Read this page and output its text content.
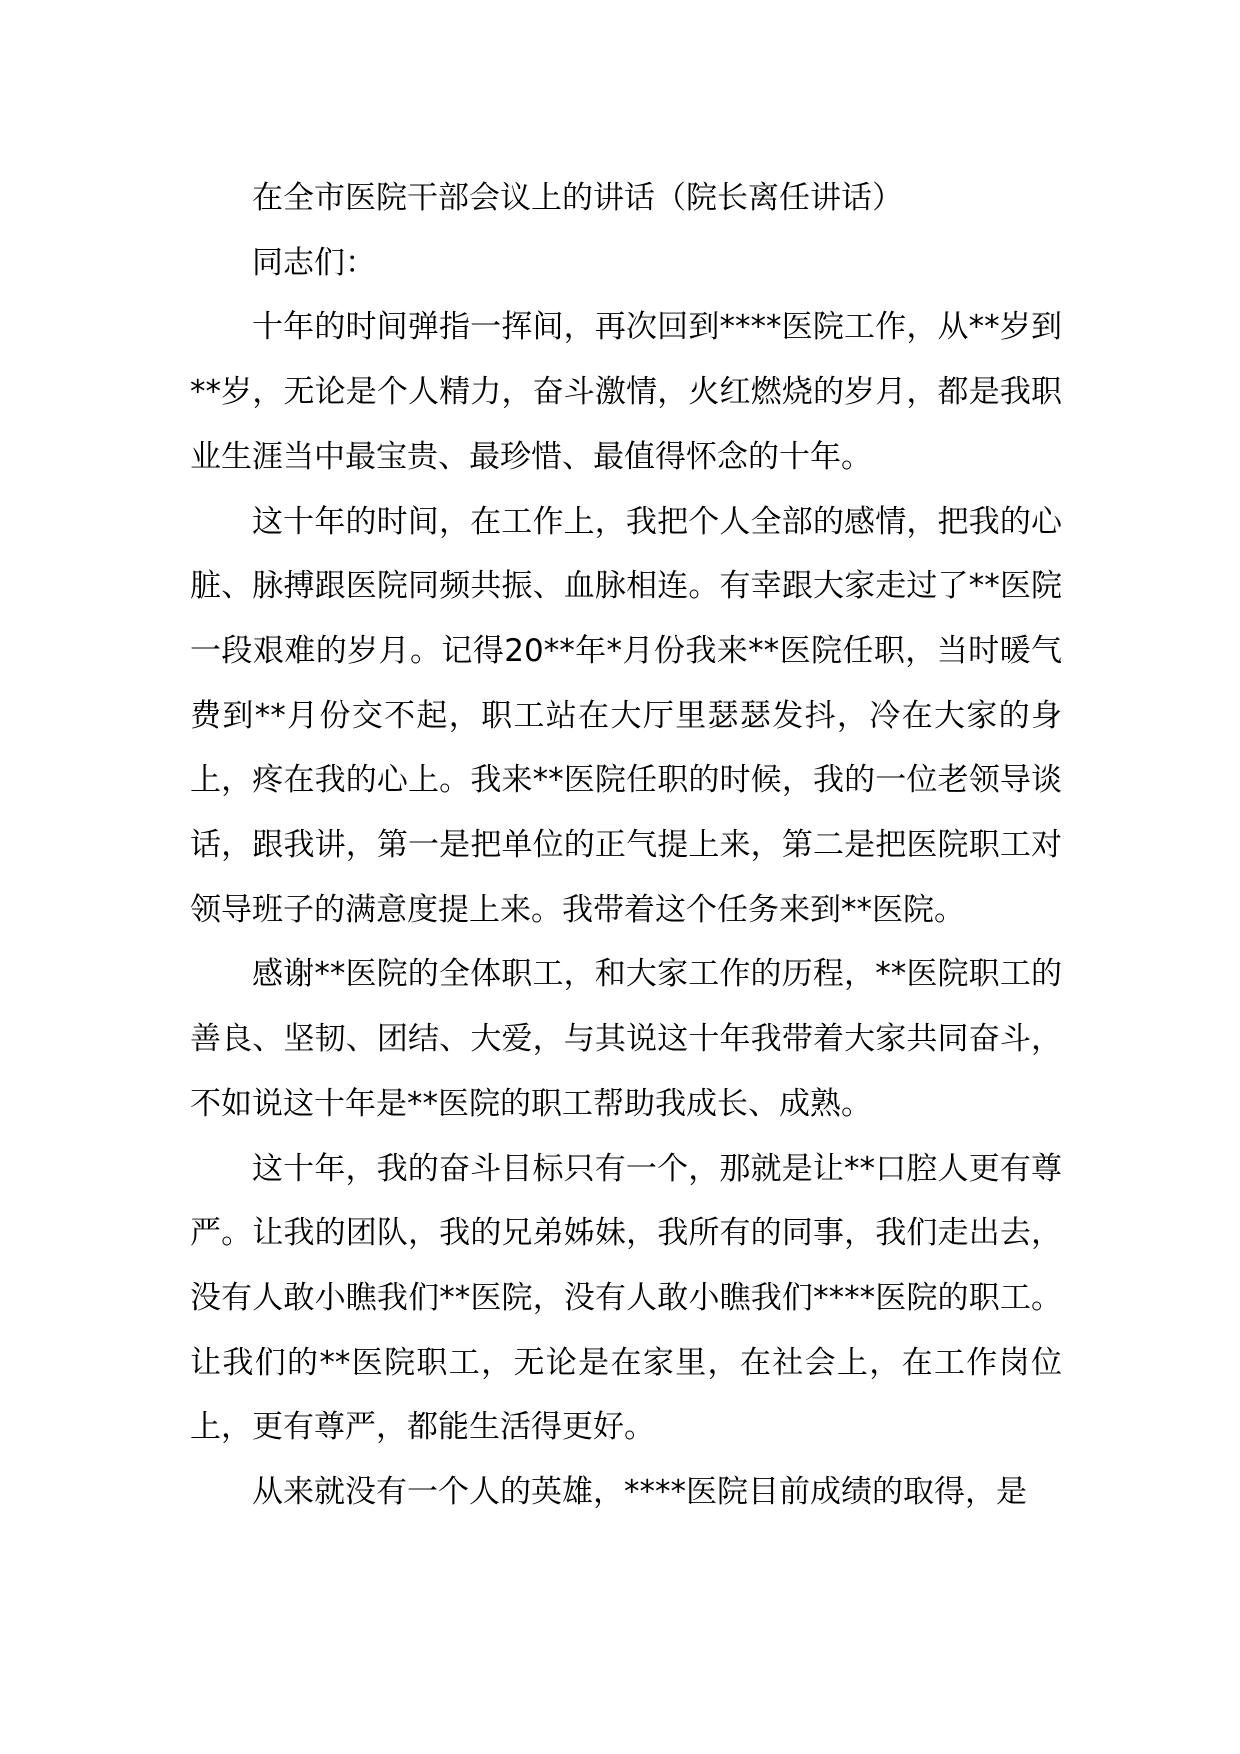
在全市医院干部会议上的讲话（院长离任讲话）

同志们：

十年的时间弹指一挥间，再次回到****医院工作，从**岁到**岁，无论是个人精力，奋斗激情，火红燃烧的岁月，都是我职业生涯当中最宝贵、最珍惜、最值得怀念的十年。

这十年的时间，在工作上，我把个人全部的感情，把我的心脏、脉搏跟医院同频共振、血脉相连。有幸跟大家走过了**医院一段艰难的岁月。记得20**年*月份我来**医院任职，当时暖气费到**月份交不起，职工站在大厅里瑟瑟发抖，冷在大家的身上，疼在我的心上。我来**医院任职的时候，我的一位老领导谈话，跟我讲，第一是把单位的正气提上来，第二是把医院职工对领导班子的满意度提上来。我带着这个任务来到**医院。

感谢**医院的全体职工，和大家工作的历程，**医院职工的善良、坚韧、团结、大爱，与其说这十年我带着大家共同奋斗，不如说这十年是**医院的职工帮助我成长、成熟。

这十年，我的奋斗目标只有一个，那就是让**口腔人更有尊严。让我的团队，我的兄弟姊妹，我所有的同事，我们走出去，没有人敢小瞧我们**医院，没有人敢小瞧我们****医院的职工。让我们的**医院职工，无论是在家里，在社会上，在工作岗位上，更有尊严，都能生活得更好。

从来就没有一个人的英雄，****医院目前成绩的取得，是
